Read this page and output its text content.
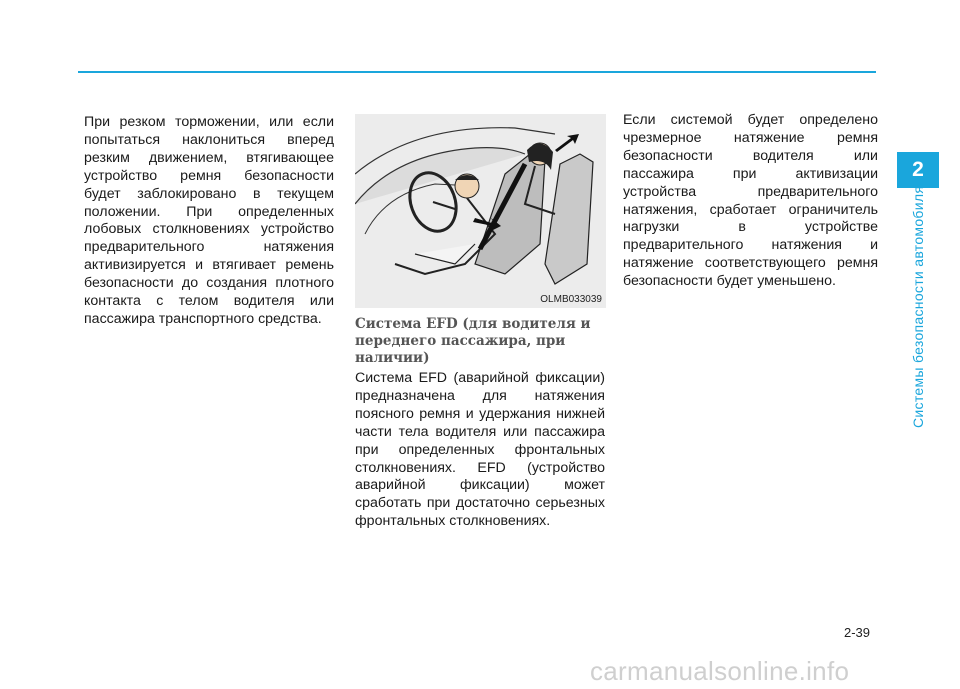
2
Системы безопасности автомобиля

При резком торможении, или если попытаться наклониться вперед резким движением, втягивающее устройство ремня безопасности будет заблокировано в текущем положении. При определенных лобовых столкновениях устройство предварительного натяжения активизируется и втягивает ремень безопасности до создания плотного контакта с телом водителя или пассажира транспортного средства.

OLMB033039
Система EFD (для водителя и переднего пассажира, при наличии)

Система EFD (аварийной фиксации) предназначена для натяжения поясного ремня и удержания нижней части тела водителя или пассажира при определенных фронтальных столкновениях. EFD (устройство аварийной фиксации) может сработать при достаточно серьезных фронтальных столкновениях.

Если системой будет определено чрезмерное натяжение ремня безопасности водителя или пассажира при активизации устройства предварительного натяжения, сработает ограничитель нагрузки в устройстве предварительного натяжения и натяжение соответствующего ремня безопасности будет уменьшено.

2-39
carmanualsonline.info
